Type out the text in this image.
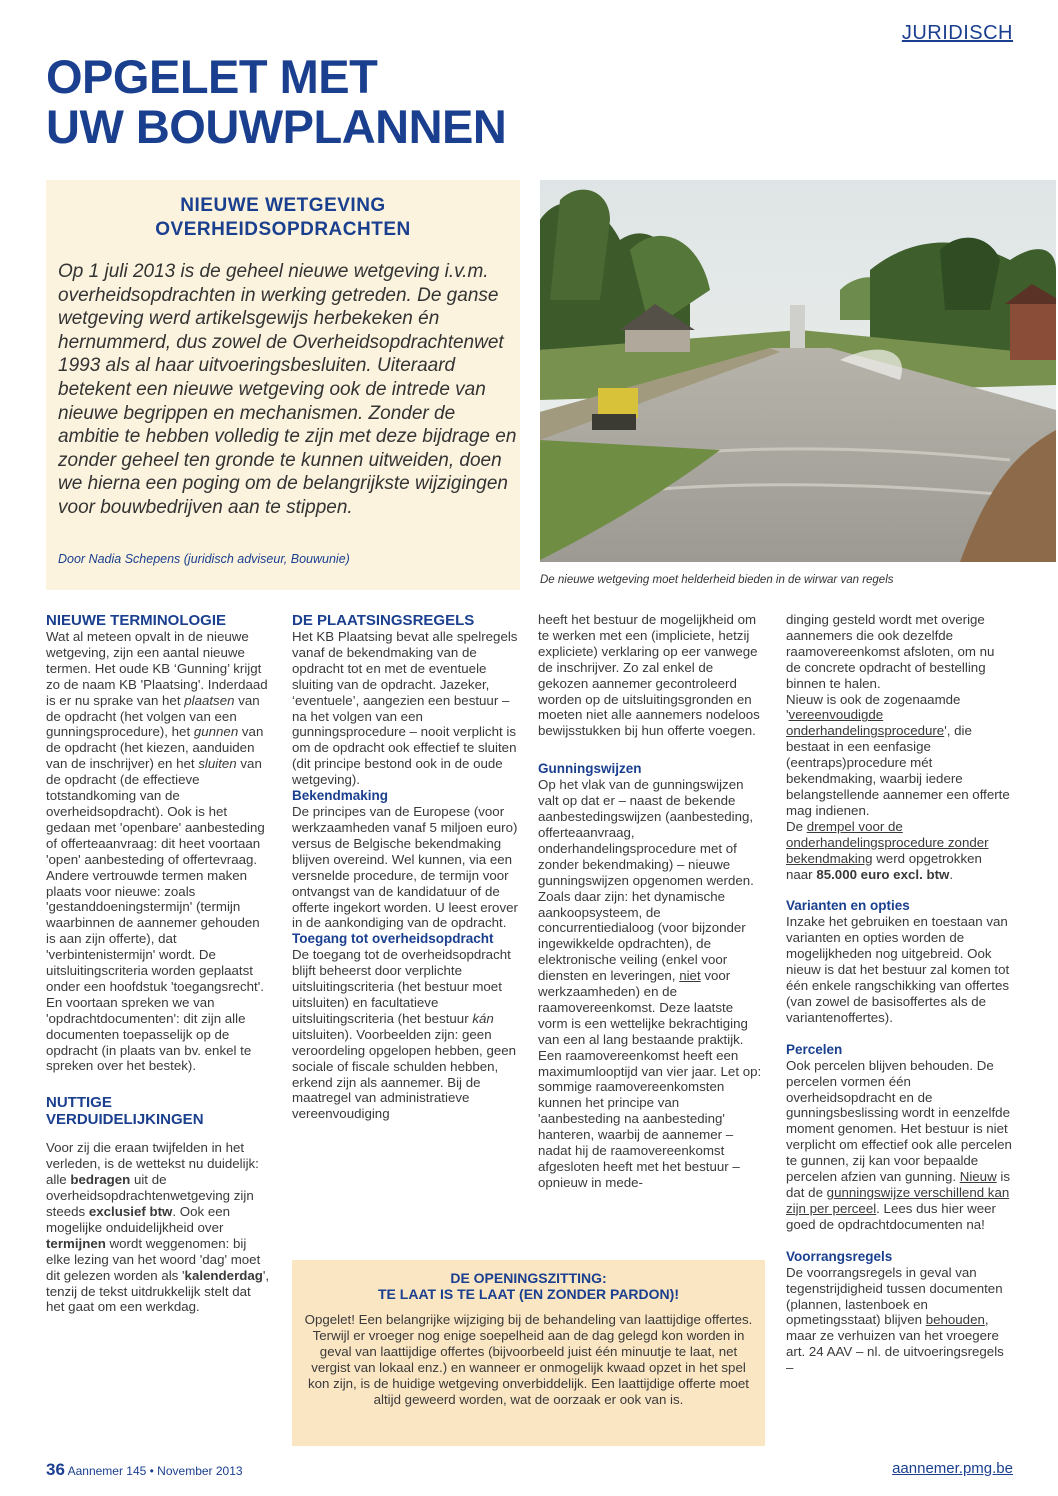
JURIDISCH
OPGELET MET
UW BOUWPLANNEN
NIEUWE WETGEVING
OVERHEIDSOPDRACHTEN

Op 1 juli 2013 is de geheel nieuwe wetgeving i.v.m. overheidsopdrachten in werking getreden. De ganse wetgeving werd artikelsgewijs herbekeken én hernummerd, dus zowel de Overheidsopdrachtenwet 1993 als al haar uitvoeringsbesluiten. Uiteraard betekent een nieuwe wetgeving ook de intrede van nieuwe begrippen en mechanismen. Zonder de ambitie te hebben volledig te zijn met deze bijdrage en zonder geheel ten gronde te kunnen uitweiden, doen we hierna een poging om de belangrijkste wijzigingen voor bouwbedrijven aan te stippen.

Door Nadia Schepens (juridisch adviseur, Bouwunie)

De nieuwe wetgeving moet helderheid bieden in de wirwar van regels

NIEUWE TERMINOLOGIE

Wat al meteen opvalt in de nieuwe wetgeving, zijn een aantal nieuwe termen. Het oude KB ‘Gunning’ krijgt zo de naam KB 'Plaatsing'. Inderdaad is er nu sprake van het plaatsen van de opdracht (het volgen van een gunningsprocedure), het gunnen van de opdracht (het kiezen, aanduiden van de inschrijver) en het sluiten van de opdracht (de effectieve totstandkoming van de overheidsopdracht). Ook is het gedaan met 'openbare' aanbesteding of offerteaanvraag: dit heet voortaan 'open' aanbesteding of offertevraag. Andere vertrouwde termen maken plaats voor nieuwe: zoals 'gestanddoeningstermijn' (termijn waarbinnen de aannemer gehouden is aan zijn offerte), dat 'verbintenistermijn' wordt. De uitsluitingscriteria worden geplaatst onder een hoofdstuk 'toegangsrecht'. En voortaan spreken we van 'opdrachtdocumenten': dit zijn alle documenten toepasselijk op de opdracht (in plaats van bv. enkel te spreken over het bestek).

NUTTIGE VERDUIDELIJKINGEN

Voor zij die eraan twijfelden in het verleden, is de wettekst nu duidelijk: alle bedragen uit de overheidsopdrachtenwetgeving zijn steeds exclusief btw. Ook een mogelijke onduidelijkheid over termijnen wordt weggenomen: bij elke lezing van het woord 'dag' moet dit gelezen worden als 'kalenderdag', tenzij de tekst uitdrukkelijk stelt dat het gaat om een werkdag.

DE PLAATSINGSREGELS

Het KB Plaatsing bevat alle spelregels vanaf de bekendmaking van de opdracht tot en met de eventuele sluiting van de opdracht. Jazeker, ‘eventuele’, aangezien een bestuur – na het volgen van een gunningsprocedure – nooit verplicht is om de opdracht ook effectief te sluiten (dit principe bestond ook in de oude wetgeving).

Bekendmaking

De principes van de Europese (voor werkzaamheden vanaf 5 miljoen euro) versus de Belgische bekendmaking blijven overeind. Wel kunnen, via een versnelde procedure, de termijn voor ontvangst van de kandidatuur of de offerte ingekort worden. U leest erover in de aankondiging van de opdracht.

Toegang tot overheidsopdracht

De toegang tot de overheidsopdracht blijft beheerst door verplichte uitsluitingscriteria (het bestuur moet uitsluiten) en facultatieve uitsluitingscriteria (het bestuur kán uitsluiten). Voorbeelden zijn: geen veroordeling opgelopen hebben, geen sociale of fiscale schulden hebben, erkend zijn als aannemer. Bij de maatregel van administratieve vereenvoudiging

heeft het bestuur de mogelijkheid om te werken met een (impliciete, hetzij expliciete) verklaring op eer vanwege de inschrijver. Zo zal enkel de gekozen aannemer gecontroleerd worden op de uitsluitingsgronden en moeten niet alle aannemers nodeloos bewijsstukken bij hun offerte voegen.

Gunningswijzen

Op het vlak van de gunningswijzen valt op dat er – naast de bekende aanbestedingswijzen (aanbesteding, offerteaanvraag, onderhandelingsprocedure met of zonder bekendmaking) – nieuwe gunningswijzen opgenomen werden. Zoals daar zijn: het dynamische aankoopsysteem, de concurrentiedialoog (voor bijzonder ingewikkelde opdrachten), de elektronische veiling (enkel voor diensten en leveringen, niet voor werkzaamheden) en de raamovereenkomst. Deze laatste vorm is een wettelijke bekrachtiging van een al lang bestaande praktijk. Een raamovereenkomst heeft een maximumlooptijd van vier jaar. Let op: sommige raamovereenkomsten kunnen het principe van 'aanbesteding na aanbesteding' hanteren, waarbij de aannemer – nadat hij de raamovereenkomst afgesloten heeft met het bestuur – opnieuw in mede-

dinging gesteld wordt met overige aannemers die ook dezelfde raamovereenkomst afsloten, om nu de concrete opdracht of bestelling binnen te halen.

Nieuw is ook de zogenaamde 'vereenvoudigde onderhandelingsprocedure', die bestaat in een eenfasige (eentraps)procedure mét bekendmaking, waarbij iedere belangstellende aannemer een offerte mag indienen.

De drempel voor de onderhandelingsprocedure zonder bekendmaking werd opgetrokken naar 85.000 euro excl. btw.

Varianten en opties

Inzake het gebruiken en toestaan van varianten en opties worden de mogelijkheden nog uitgebreid. Ook nieuw is dat het bestuur zal komen tot één enkele rangschikking van offertes (van zowel de basisoffertes als de variantenoffertes).

Percelen

Ook percelen blijven behouden. De percelen vormen één overheidsopdracht en de gunningsbeslissing wordt in eenzelfde moment genomen. Het bestuur is niet verplicht om effectief ook alle percelen te gunnen, zij kan voor bepaalde percelen afzien van gunning. Nieuw is dat de gunningswijze verschillend kan zijn per perceel. Lees dus hier weer goed de opdrachtdocumenten na!

Voorrangsregels

De voorrangsregels in geval van tegenstrijdigheid tussen documenten (plannen, lastenboek en opmetingsstaat) blijven behouden, maar ze verhuizen van het vroegere art. 24 AAV – nl. de uitvoeringsregels –

DE OPENINGSZITTING:
TE LAAT IS TE LAAT (EN ZONDER PARDON)!

Opgelet! Een belangrijke wijziging bij de behandeling van laattijdige offertes. Terwijl er vroeger nog enige soepelheid aan de dag gelegd kon worden in geval van laattijdige offertes (bijvoorbeeld juist één minuutje te laat, net vergist van lokaal enz.) en wanneer er onmogelijk kwaad opzet in het spel kon zijn, is de huidige wetgeving onverbiddelijk. Een laattijdige offerte moet altijd geweerd worden, wat de oorzaak er ook van is.

36 Aannemer 145 • November 2013	aannemer.pmg.be
